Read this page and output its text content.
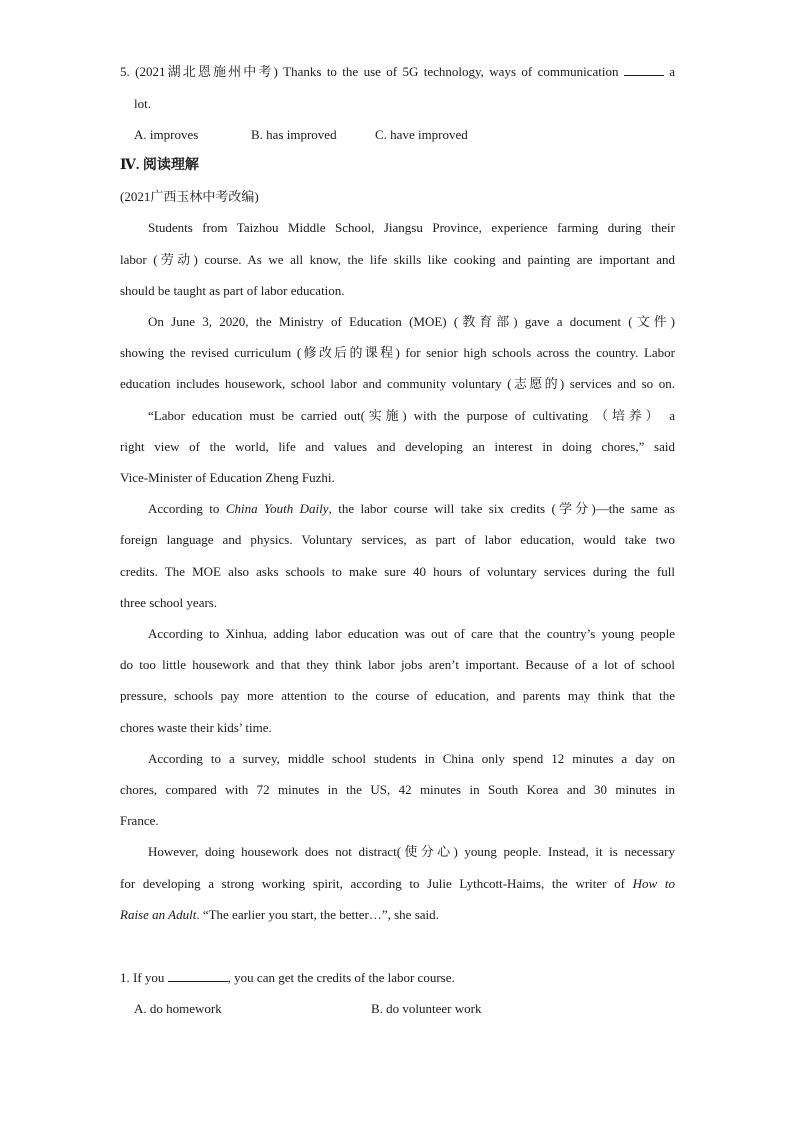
5. (2021湖北恩施州中考) Thanks to the use of 5G technology, ways of communication	a
lot.
A. improves	B. has improved	C. have improved
Ⅳ. 阅读理解
(2021广西玉林中考改编)
Students from Taizhou Middle School, Jiangsu Province, experience farming during their
labor (劳动) course. As we all know, the life skills like cooking and painting are important and
should be taught as part of labor education.
On June 3, 2020, the Ministry of Education (MOE) (教育部) gave a document (文件)
showing the revised curriculum (修改后的课程) for senior high schools across the country. Labor
education includes housework, school labor and community voluntary (志愿的) services and so on.
“Labor education must be carried out(实施) with the purpose of cultivating （培养） a
right view of the world, life and values and developing an interest in doing chores,” said
Vice-Minister of Education Zheng Fuzhi.
According to China Youth Daily, the labor course will take six credits (学分)—the same as
foreign language and physics. Voluntary services, as part of labor education, would take two
credits. The MOE also asks schools to make sure 40 hours of voluntary services during the full
three school years.
According to Xinhua, adding labor education was out of care that the country’s young people
do too little housework and that they think labor jobs aren’t important. Because of a lot of school
pressure, schools pay more attention to the course of education, and parents may think that the
chores waste their kids’ time.
According to a survey, middle school students in China only spend 12 minutes a day on
chores, compared with 72 minutes in the US, 42 minutes in South Korea and 30 minutes in
France.
However, doing housework does not distract(使分心) young people. Instead, it is necessary
for developing a strong working spirit, according to Julie Lythcott-Haims, the writer of How to
Raise an Adult. “The earlier you start, the better…”, she said.
1. If you	, you can get the credits of the labor course.
A. do homework	B. do volunteer work
